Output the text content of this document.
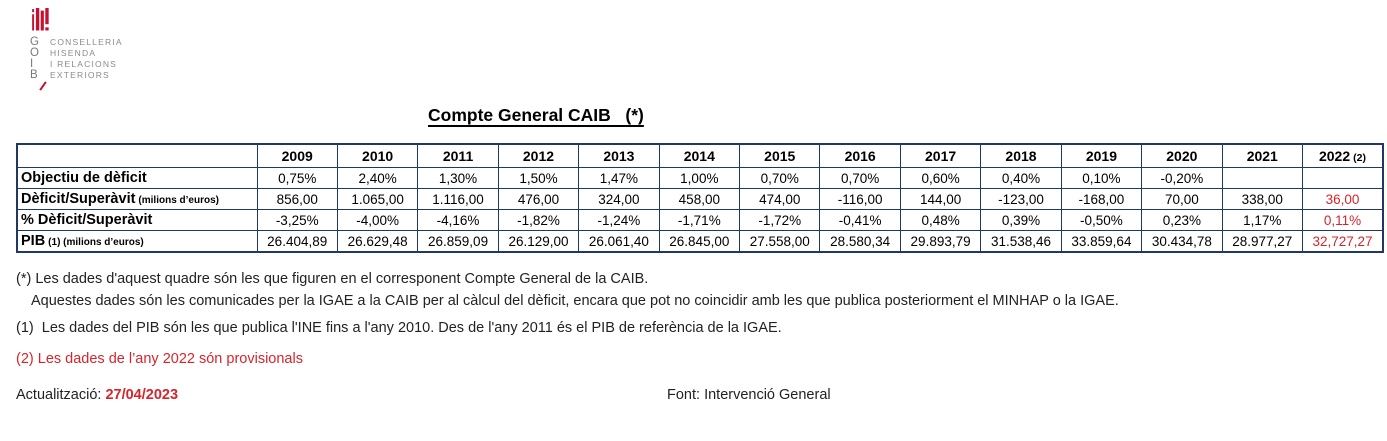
G	CONSELLERIA
O	HISENDA
I	I RELACIONS
B	EXTERIORS
Compte General CAIB   (*)
	2009	2010	2011	2012	2013	2014	2015	2016	2017	2018	2019	2020	2021	2022 (2)
Objectiu de dèficit	0,75%	2,40%	1,30%	1,50%	1,47%	1,00%	0,70%	0,70%	0,60%	0,40%	0,10%	-0,20%		
Dèficit/Superàvit (milions d’euros)	856,00	1.065,00	1.116,00	476,00	324,00	458,00	474,00	-116,00	144,00	-123,00	-168,00	70,00	338,00	36,00
% Dèficit/Superàvit	-3,25%	-4,00%	-4,16%	-1,82%	-1,24%	-1,71%	-1,72%	-0,41%	0,48%	0,39%	-0,50%	0,23%	1,17%	0,11%
PIB (1) (milions d’euros)	26.404,89	26.629,48	26.859,09	26.129,00	26.061,40	26.845,00	27.558,00	28.580,34	29.893,79	31.538,46	33.859,64	30.434,78	28.977,27	32,727,27
(*) Les dades d'aquest quadre són les que figuren en el corresponent Compte General de la CAIB.
Aquestes dades són les comunicades per la IGAE a la CAIB per al càlcul del dèficit, encara que pot no coincidir amb les que publica posteriorment el MINHAP o la IGAE.
(1)  Les dades del PIB són les que publica l'INE fins a l'any 2010. Des de l'any 2011 és el PIB de referència de la IGAE.
(2) Les dades de l’any 2022 són provisionals
Actualització: 27/04/2023	Font: Intervenció General
